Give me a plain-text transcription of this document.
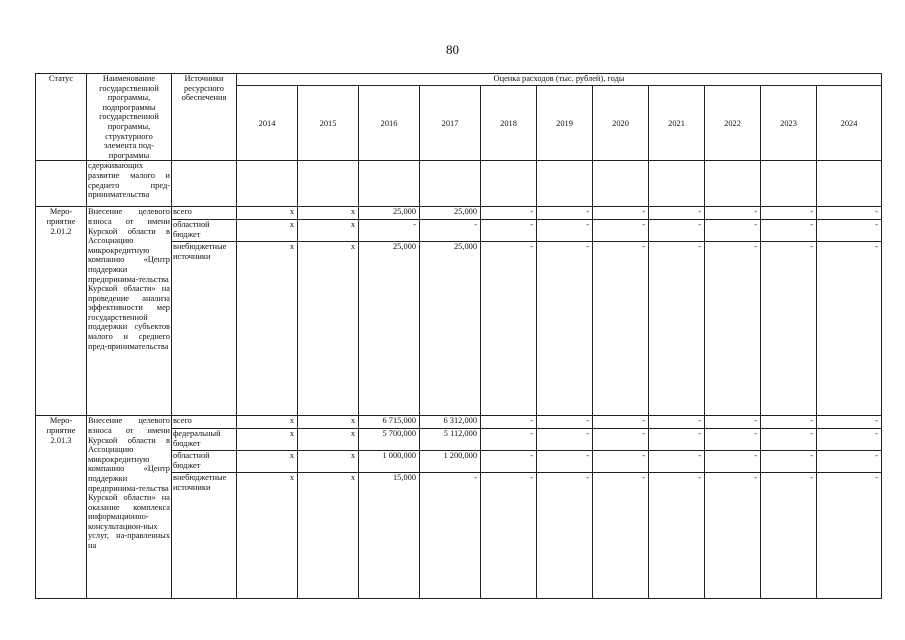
80
Статус	Наименование государственной программы, подпрограммы государственной программы, структурного элемента под-программы	Источники ресурсного обеспечения	Оценка расходов (тыс. рублей), годы										
			2014	2015	2016	2017	2018	2019	2020	2021	2022	2023	2024
	сдерживающих развитие малого и среднего пред-принимательства												
Меро-приятие 2.01.2	Внесение целевого взноса от имени Курской области в Ассоциацию микрокредитную компанию «Центр поддержки предпринима-тельства Курской области» на проведение анализа эффективности мер государственной поддержки субъектов малого и среднего пред-принимательства	всего	x	x	25,000	25,000	-	-	-	-	-	-	-
		областной бюджет	x	x	-	-	-	-	-	-	-	-	-
		внебюджетные источники	x	x	25,000	25,000	-	-	-	-	-	-	-
Меро-приятие 2.01.3	Внесение целевого взноса от имени Курской области в Ассоциацию микрокредитную компанию «Центр поддержки предпринима-тельства Курской области» на оказание комплекса информационно-консультацион-ных услуг, на-правленных на	всего	x	x	6 715,000	6 312,000	-	-	-	-	-	-	-
		федеральный бюджет	x	x	5 700,000	5 112,000	-	-	-	-	-	-	-
		областной бюджет	x	x	1 000,000	1 200,000	-	-	-	-	-	-	-
		внебюджетные источники	x	x	15,000	-	-	-	-	-	-	-	-
